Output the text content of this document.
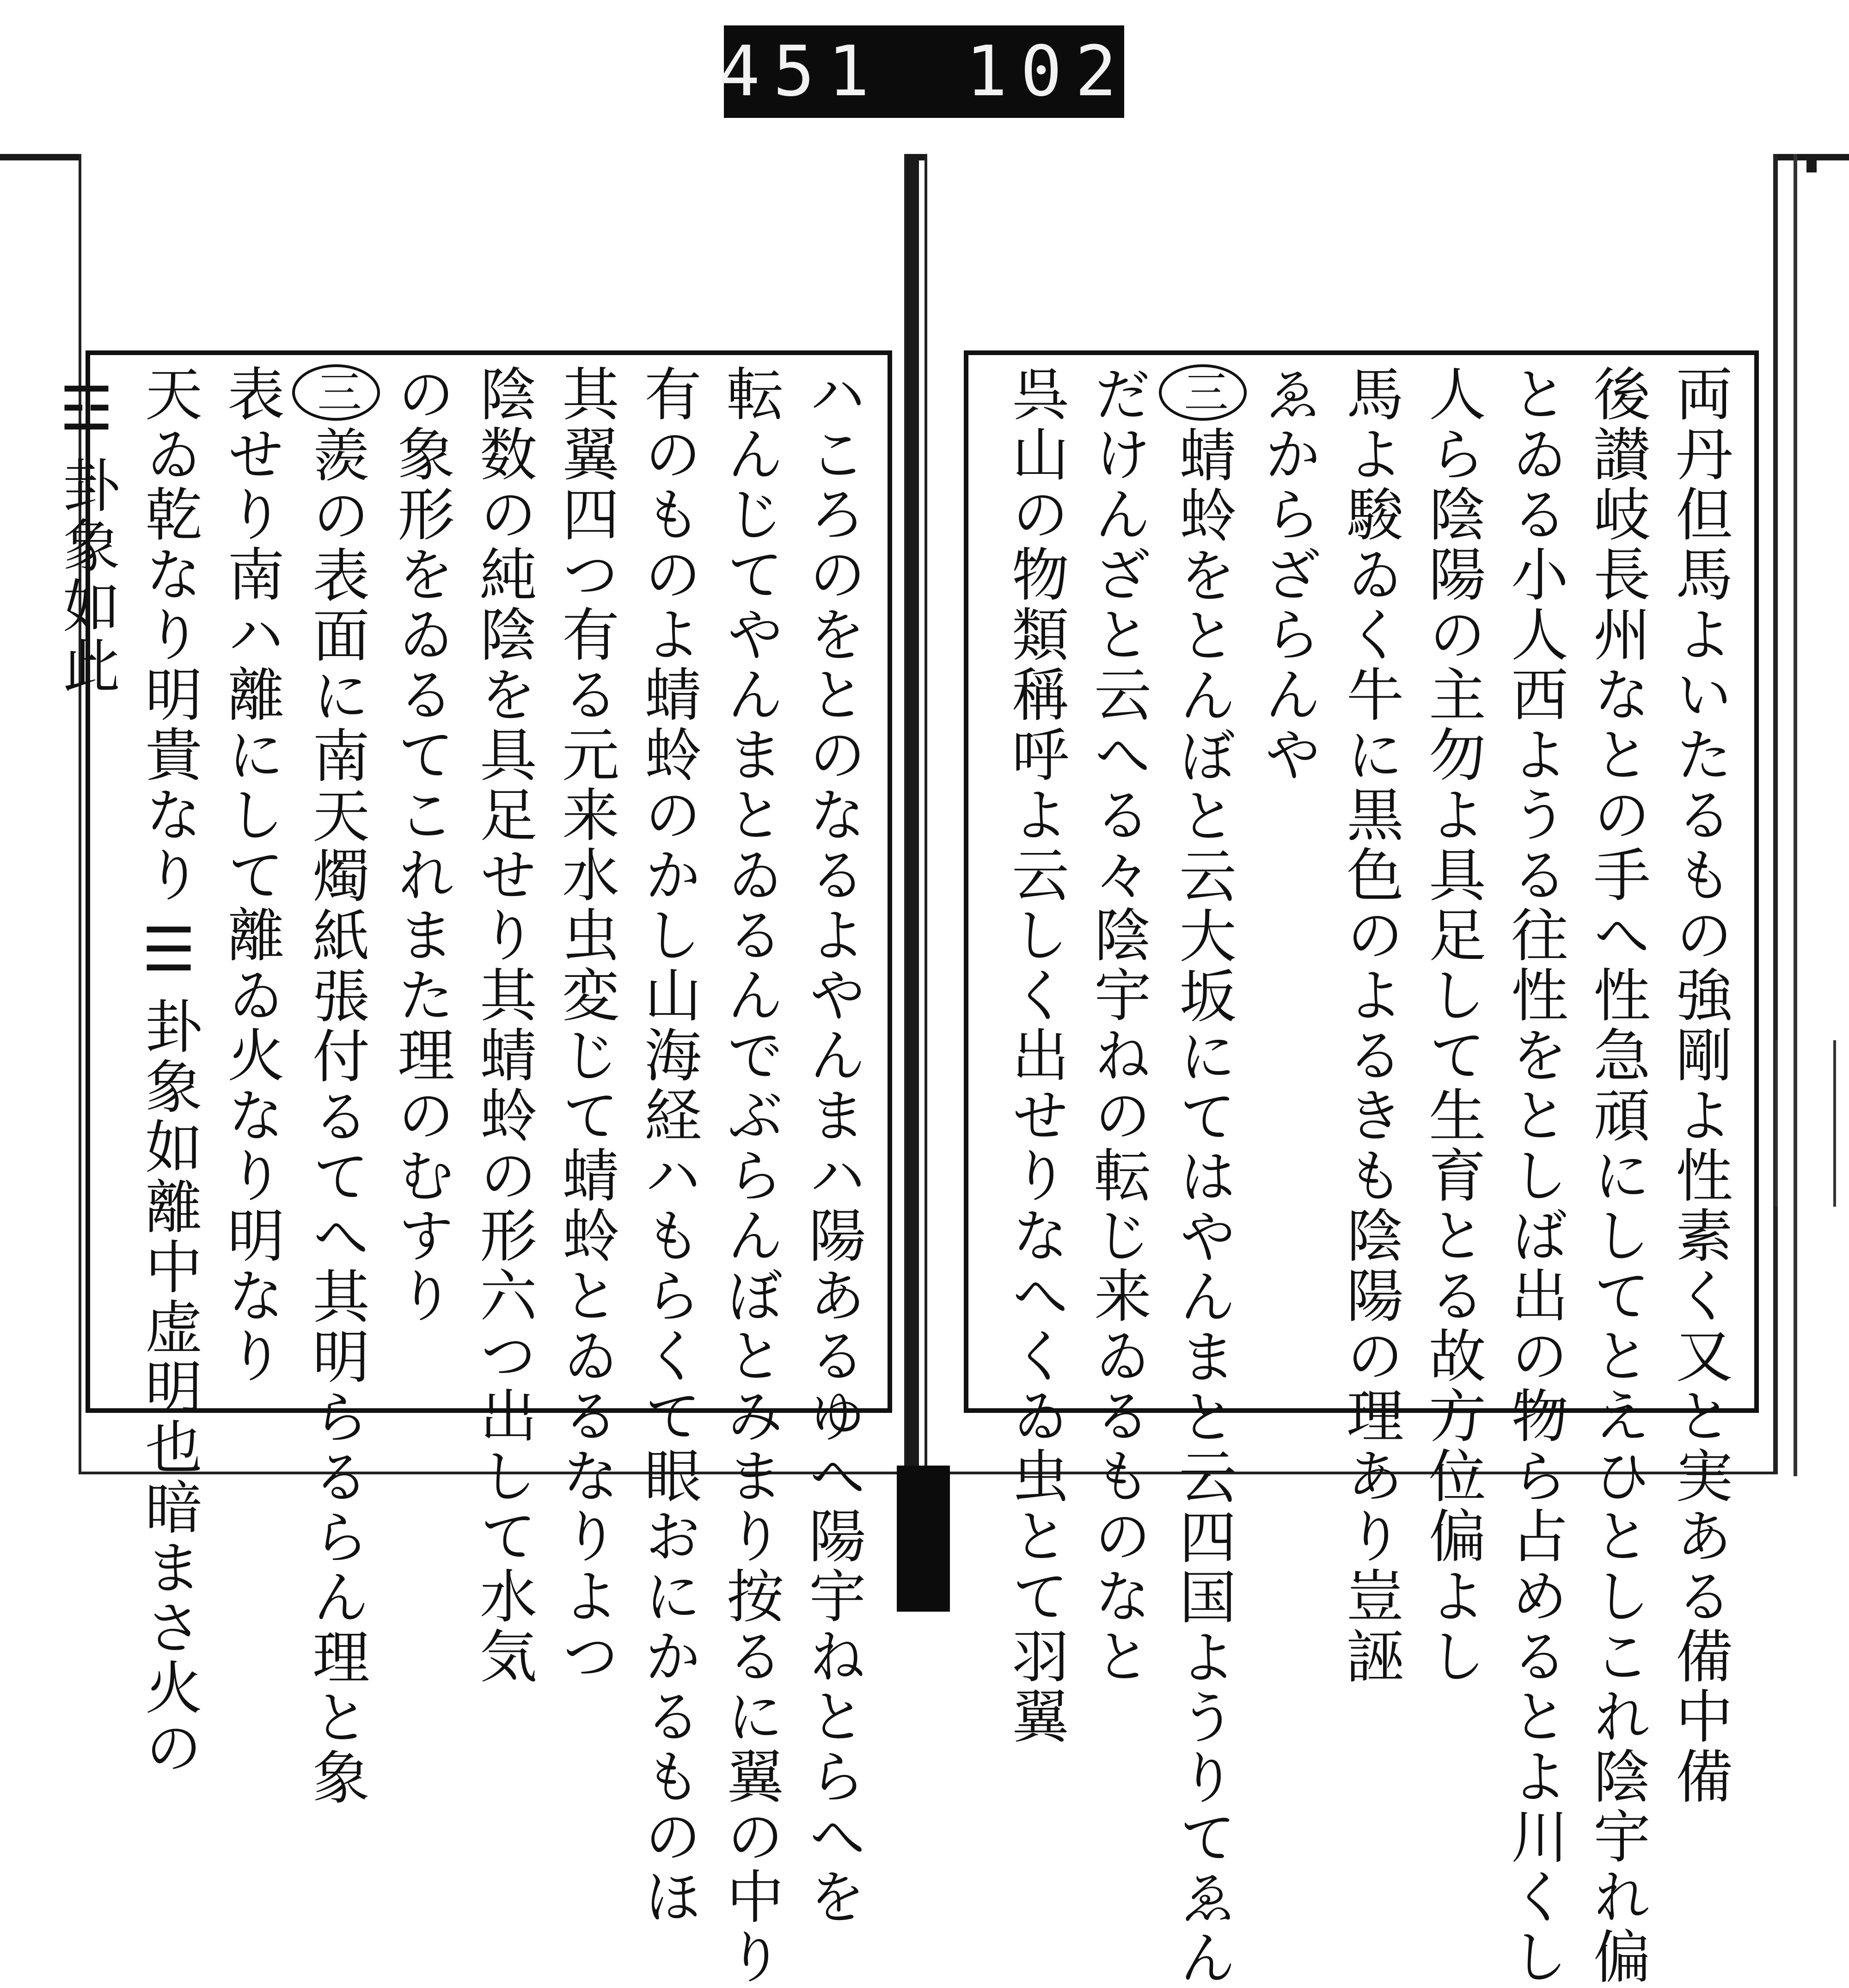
451 102
両丹但馬よいたるもの強剛よ性素く又と実ある備中備
後讃岐長州なとの手へ性急頑にしてとえひとしこれ陰宇れ偏
とゐる小人西ようる往性をとしば出の物ら占めるとよ川くし
人ら陰陽の主勿よ具足して生育とる故方位偏よし
馬よ駿ゐく牛に黒色のよるきも陰陽の理あり豈誣
ゑからざらんや
三蜻蛉をとんぼと云大坂にてはやんまと云四国ようりてゑん
だけんざと云へる々陰宇ねの転じ来ゐるものなと
呉山の物類稱呼よ云しく出せりなへくゐ虫とて羽翼
ハころのをとのなるよやんまハ陽あるゆへ陽宇ねとらへを
転んじてやんまとゐるんでぶらんぼとみまり按るに翼の中り
有のものよ蜻蛉のかし山海経ハもらくて眼おにかるものほ
其翼四つ有る元来水虫変じて蜻蛉とゐるなりよつ
陰数の純陰を具足せり其蜻蛉の形六つ出して水気
の象形をゐるてこれまた理のむすり
三羨の表面に南天燭紙張付るてへ其明らるらん理と象
表せり南ハ離にして離ゐ火なり明なり
天ゐ乾なり明貴なり☰卦象如離中虚明也暗まさ火の
☲卦象如此
